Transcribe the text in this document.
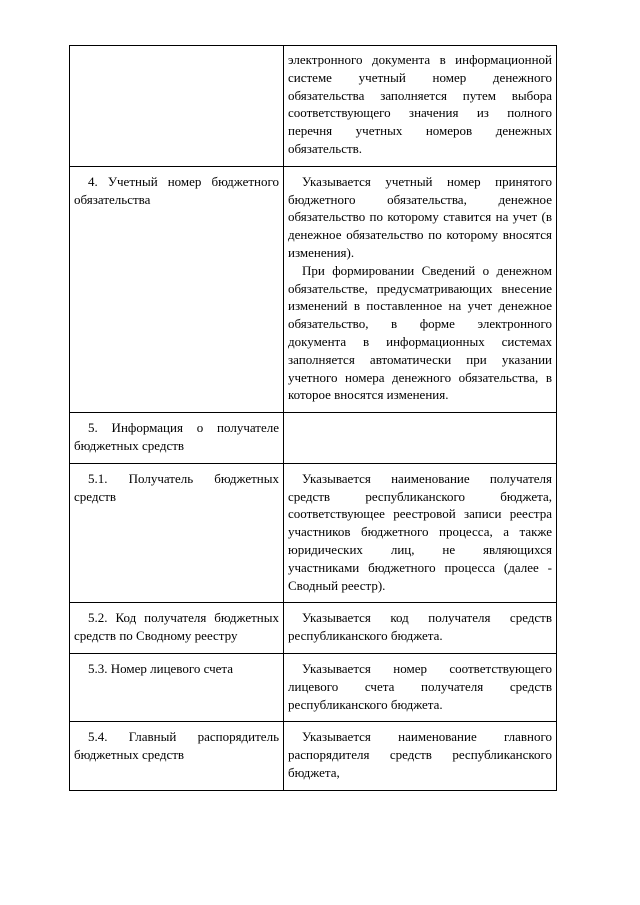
	электронного документа в информационной системе учетный номер денежного обязательства заполняется путем выбора соответствующего значения из полного перечня учетных номеров денежных обязательств.

4. Учетный номер бюджетного обязательства	Указывается учетный номер принятого бюджетного обязательства, денежное обязательство по которому ставится на учет (в денежное обязательство по которому вносятся изменения).
При формировании Сведений о денежном обязательстве, предусматривающих внесение изменений в поставленное на учет денежное обязательство, в форме электронного документа в информационных системах заполняется автоматически при указании учетного номера денежного обязательства, в которое вносятся изменения.

5. Информация о получателе бюджетных средств	

5.1. Получатель бюджетных средств	Указывается наименование получателя средств республиканского бюджета, соответствующее реестровой записи реестра участников бюджетного процесса, а также юридических лиц, не являющихся участниками бюджетного процесса (далее - Сводный реестр).

5.2. Код получателя бюджетных средств по Сводному реестру	Указывается код получателя средств республиканского бюджета.

5.3. Номер лицевого счета	Указывается номер соответствующего лицевого счета получателя средств республиканского бюджета.

5.4. Главный распорядитель бюджетных средств	Указывается наименование главного распорядителя средств республиканского бюджета,
